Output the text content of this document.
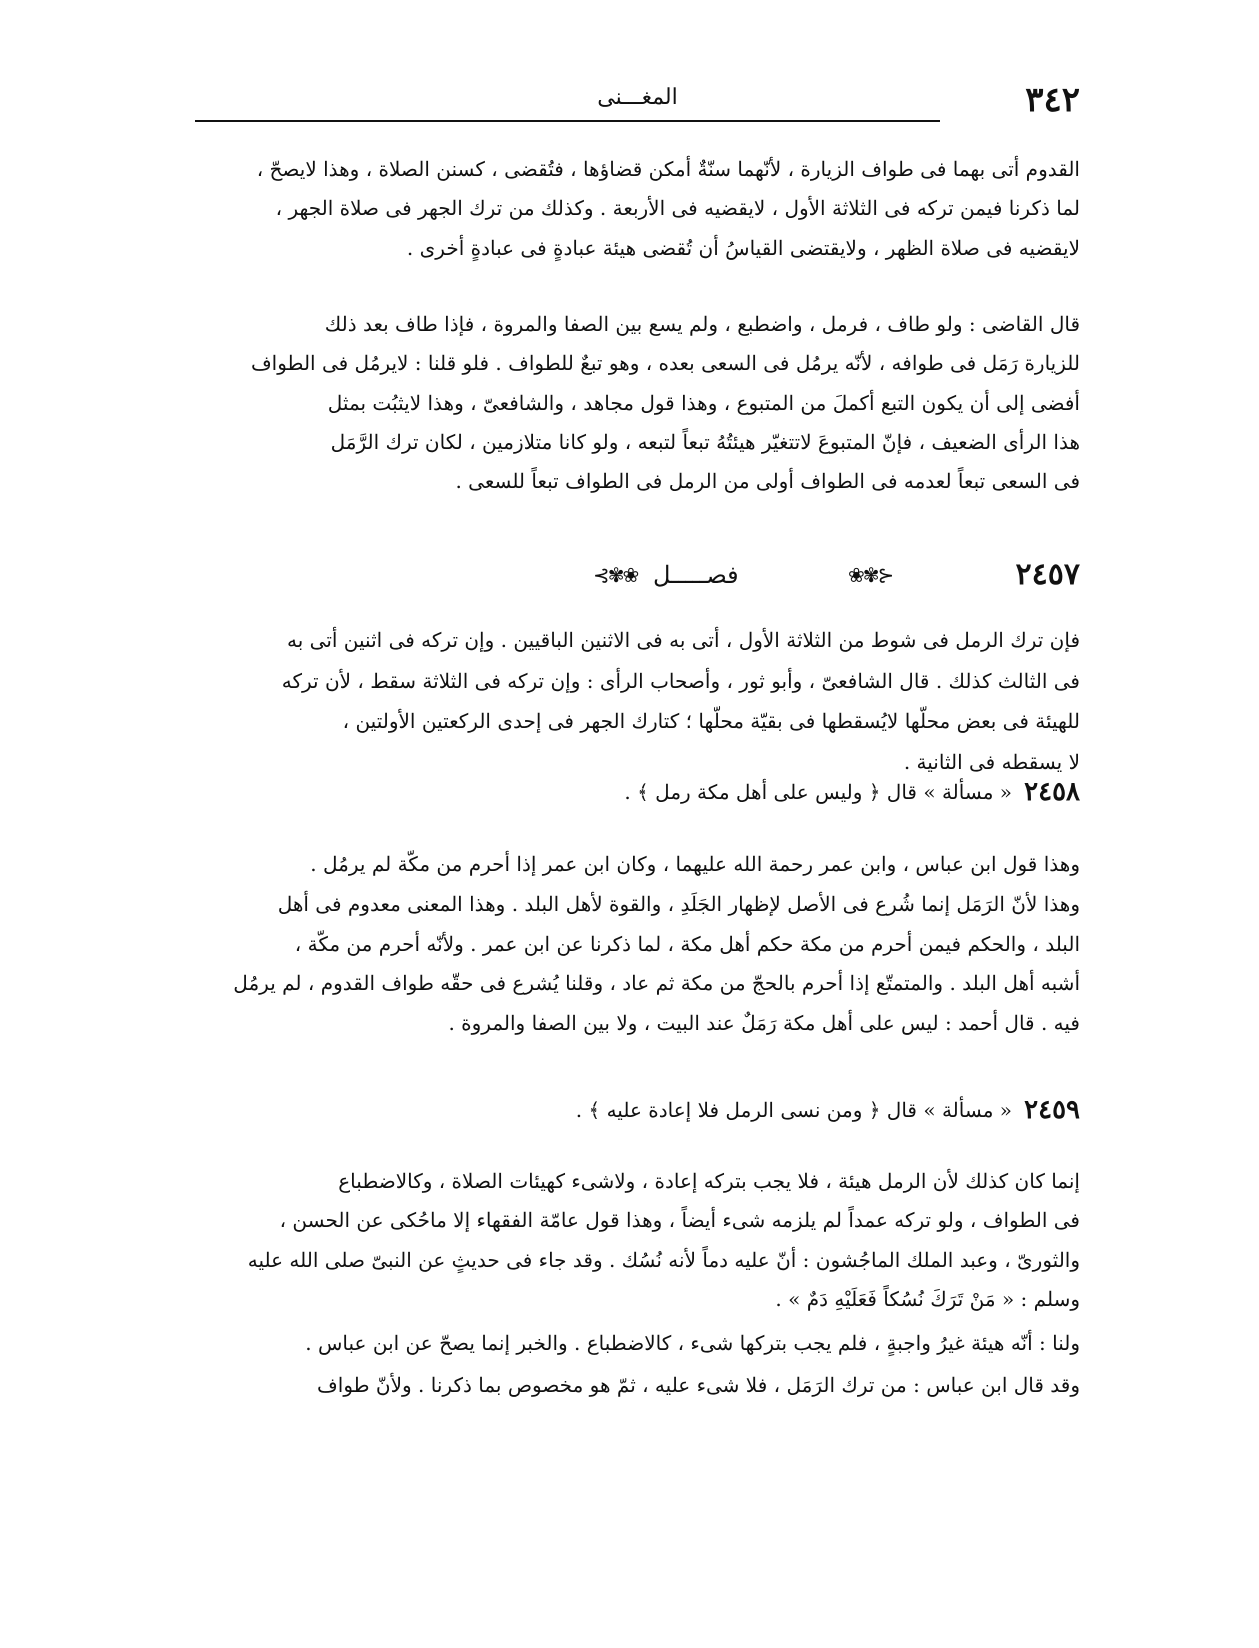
٣٤٢
المغـــنى

القدوم أتى بهما فى طواف الزيارة ، لأنّهما سنّةٌ أمكن قضاؤها ، فتُقضى ، كسنن الصلاة ، وهذا لايصحّ ،

لما ذكرنا فيمن تركه فى الثلاثة الأول ، لايقضيه فى الأربعة . وكذلك من ترك الجهر فى صلاة الجهر ،

لايقضيه فى صلاة الظهر ، ولايقتضى القياسُ أن تُقضى هيئة عبادةٍ فى عبادةٍ أخرى .

قال القاضى : ولو طاف ، فرمل ، واضطبع ، ولم يسع بين الصفا والمروة ، فإذا طاف بعد ذلك

للزيارة رَمَل فى طوافه ، لأنّه يرمُل فى السعى بعده ، وهو تبعٌ للطواف . فلو قلنا : لايرمُل فى الطواف

أفضى إلى أن يكون التبع أكملَ من المتبوع ، وهذا قول مجاهد ، والشافعىّ ، وهذا لايثبُت بمثل

هذا الرأى الضعيف ، فإنّ المتبوعَ لاتتغيّر هيئتُهُ تبعاً لتبعه ، ولو كانا متلازمين ، لكان ترك الرَّمَل

فى السعى تبعاً لعدمه فى الطواف أولى من الرمل فى الطواف تبعاً للسعى .

٢٤٥٧
⊰✾❀
فصـــــل
❀✾⊱

فإن ترك الرمل فى شوط من الثلاثة الأول ، أتى به فى الاثنين الباقيين . وإن تركه فى اثنين أتى به

فى الثالث كذلك . قال الشافعىّ ، وأبو ثور ، وأصحاب الرأى : وإن تركه فى الثلاثة سقط ، لأن تركه

للهيئة فى بعض محلّها لايُسقطها فى بقيّة محلّها ؛ كتارك الجهر فى إحدى الركعتين الأولتين ،

لا يسقطه فى الثانية .

٢٤٥٨
« مسألة » قال ﴿ وليس على أهل مكة رمل ﴾ .

وهذا قول ابن عباس ، وابن عمر رحمة الله عليهما ، وكان ابن عمر إذا أحرم من مكّة لم يرمُل .

وهذا لأنّ الرَمَل إنما شُرع فى الأصل لإظهار الجَلَدِ ، والقوة لأهل البلد . وهذا المعنى معدوم فى أهل

البلد ، والحكم فيمن أحرم من مكة حكم أهل مكة ، لما ذكرنا عن ابن عمر . ولأنّه أحرم من مكّة ،

أشبه أهل البلد . والمتمتّع إذا أحرم بالحجّ من مكة ثم عاد ، وقلنا يُشرع فى حقّه طواف القدوم ، لم يرمُل

فيه . قال أحمد : ليس على أهل مكة رَمَلٌ عند البيت ، ولا بين الصفا والمروة .

٢٤٥٩
« مسألة » قال ﴿ ومن نسى الرمل فلا إعادة عليه ﴾ .

إنما كان كذلك لأن الرمل هيئة ، فلا يجب بتركه إعادة ، ولاشىء كهيئات الصلاة ، وكالاضطباع

فى الطواف ، ولو تركه عمداً لم يلزمه شىء أيضاً ، وهذا قول عامّة الفقهاء إلا ماحُكى عن الحسن ،

والثورىّ ، وعبد الملك الماجُشون : أنّ عليه دماً لأنه نُسُك . وقد جاء فى حديثٍ عن النبىّ صلى الله عليه

وسلم : « مَنْ تَرَكَ نُسُكاً فَعَلَيْهِ دَمٌ » .

ولنا : أنّه هيئة غيرُ واجبةٍ ، فلم يجب بتركها شىء ، كالاضطباع . والخبر إنما يصحّ عن ابن عباس .

وقد قال ابن عباس : من ترك الرَمَل ، فلا شىء عليه ، ثمّ هو مخصوص بما ذكرنا . ولأنّ طواف
